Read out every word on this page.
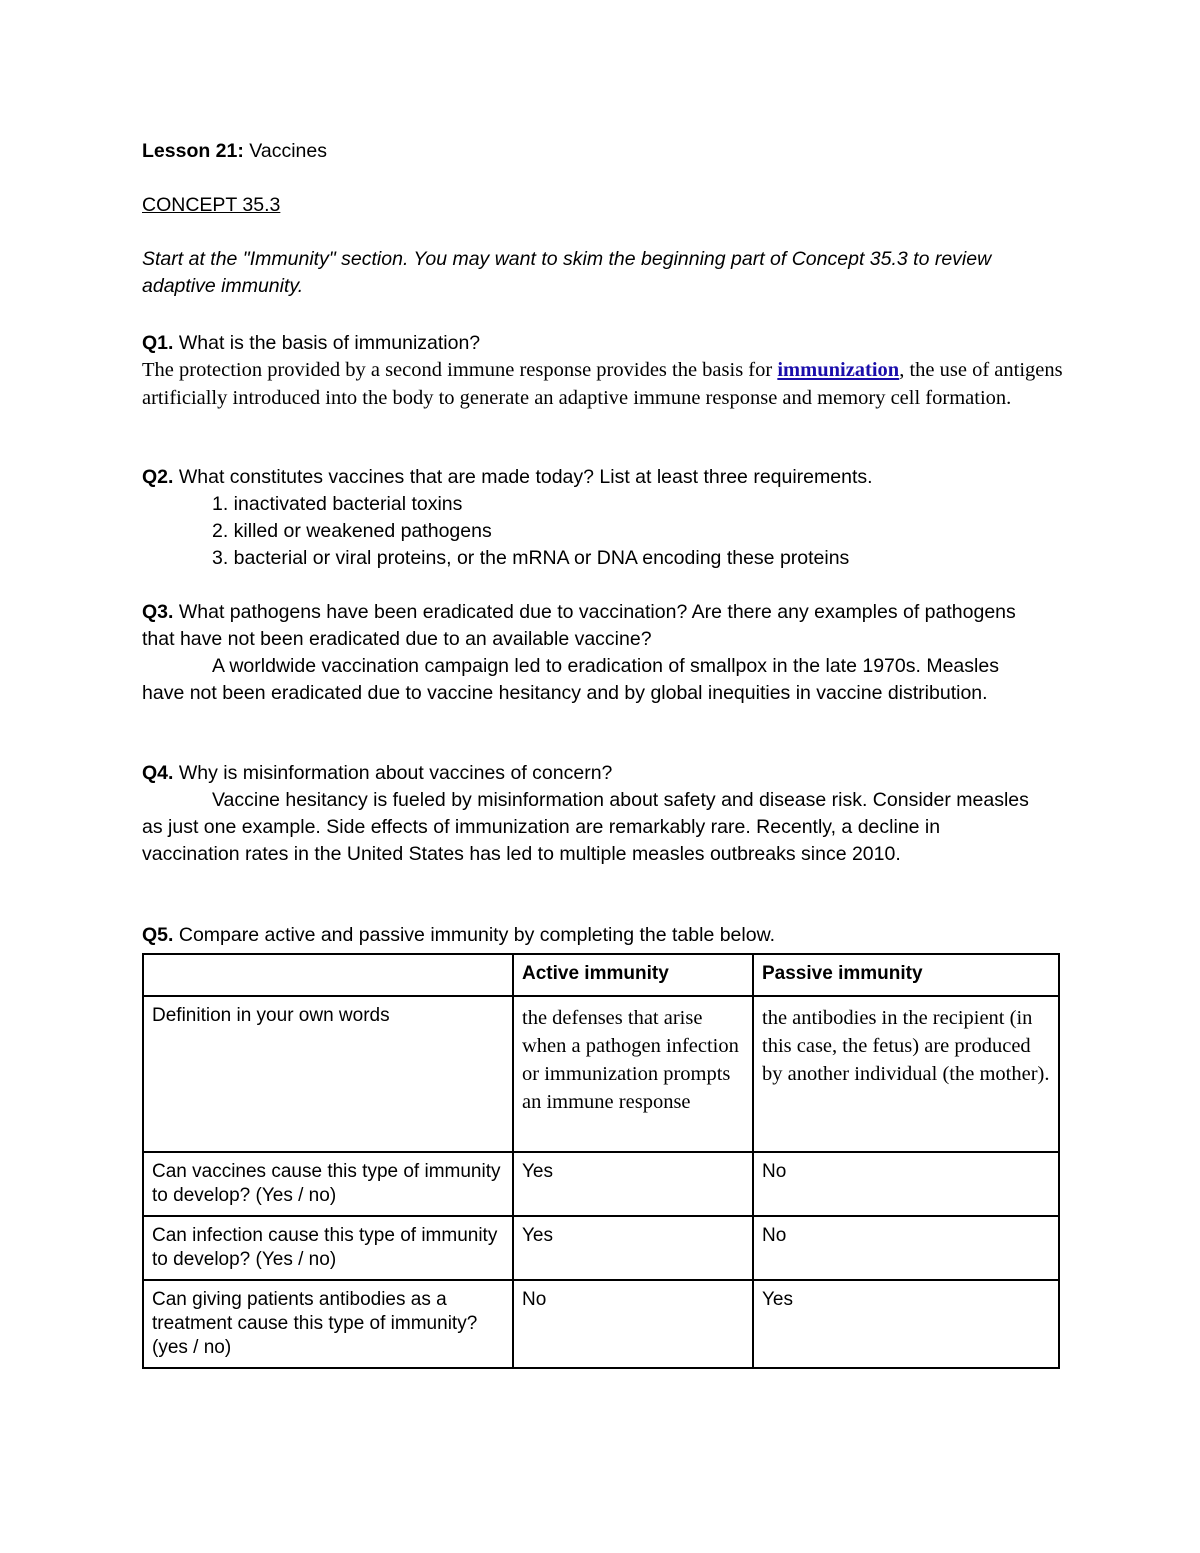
Lesson 21: Vaccines
CONCEPT 35.3
Start at the "Immunity" section. You may want to skim the beginning part of Concept 35.3 to review adaptive immunity.
Q1. What is the basis of immunization?
The protection provided by a second immune response provides the basis for immunization, the use of antigens artificially introduced into the body to generate an adaptive immune response and memory cell formation.
Q2. What constitutes vaccines that are made today? List at least three requirements.
1. inactivated bacterial toxins
2. killed or weakened pathogens
3. bacterial or viral proteins, or the mRNA or DNA encoding these proteins
Q3. What pathogens have been eradicated due to vaccination? Are there any examples of pathogens that have not been eradicated due to an available vaccine?
A worldwide vaccination campaign led to eradication of smallpox in the late 1970s. Measles have not been eradicated due to vaccine hesitancy and by global inequities in vaccine distribution.
Q4. Why is misinformation about vaccines of concern?
Vaccine hesitancy is fueled by misinformation about safety and disease risk. Consider measles as just one example. Side effects of immunization are remarkably rare. Recently, a decline in vaccination rates in the United States has led to multiple measles outbreaks since 2010.
Q5. Compare active and passive immunity by completing the table below.
	Active immunity	Passive immunity

Definition in your own words	the defenses that arise when a pathogen infection or immunization prompts an immune response	the antibodies in the recipient (in this case, the fetus) are produced by another individual (the mother).

Can vaccines cause this type of immunity to develop? (Yes / no)	Yes	No

Can infection cause this type of immunity to develop? (Yes / no)	Yes	No

Can giving patients antibodies as a treatment cause this type of immunity? (yes / no)	No	Yes
